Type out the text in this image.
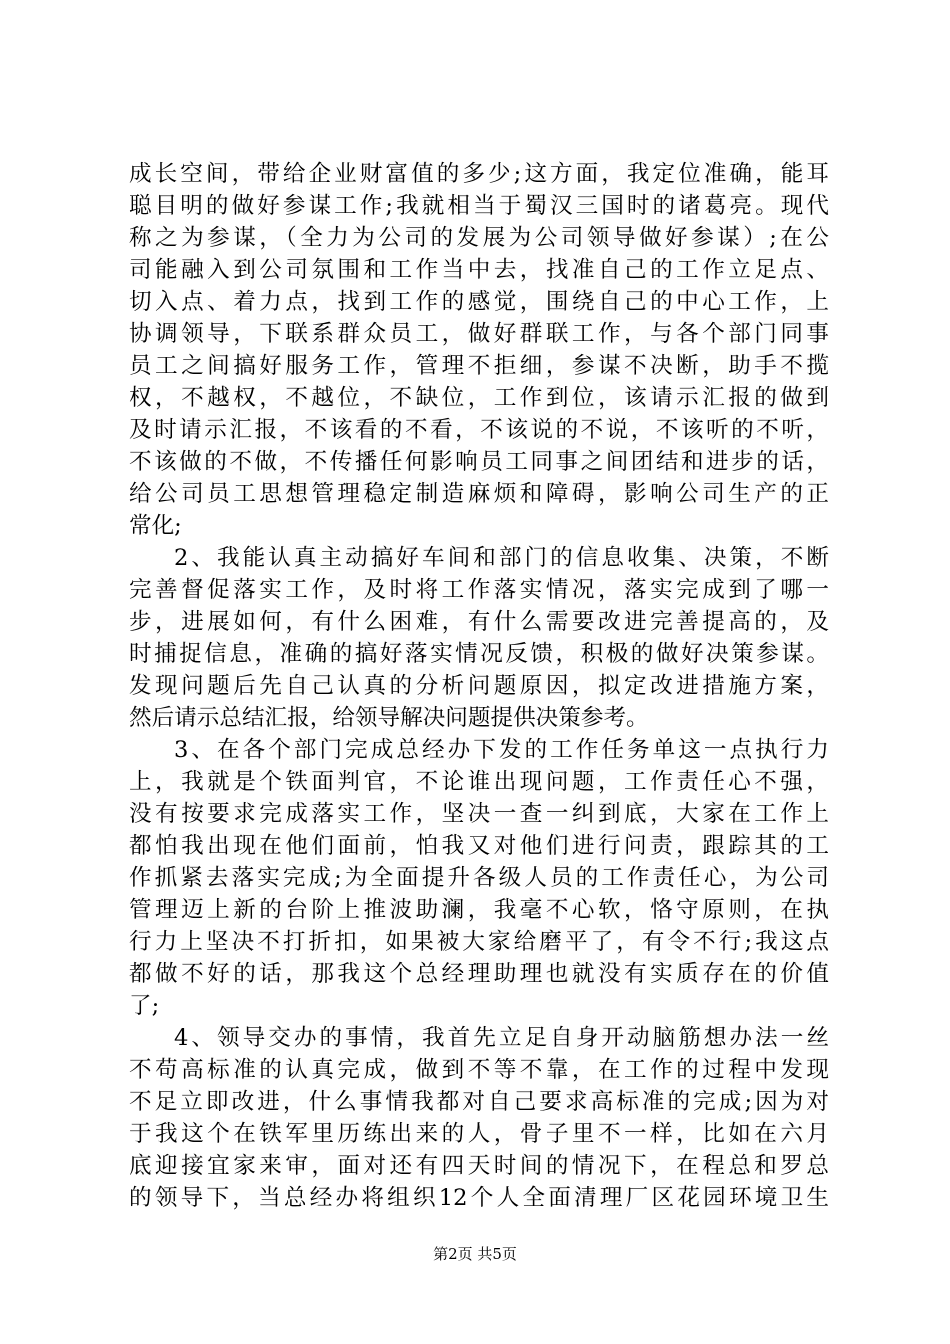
成长空间，带给企业财富值的多少;这方面，我定位准确，能耳
聪目明的做好参谋工作;我就相当于蜀汉三国时的诸葛亮。现代
称之为参谋，（全力为公司的发展为公司领导做好参谋）;在公
司能融入到公司氛围和工作当中去，找准自己的工作立足点、
切入点、着力点，找到工作的感觉，围绕自己的中心工作，上
协调领导，下联系群众员工，做好群联工作，与各个部门同事
员工之间搞好服务工作，管理不拒细，参谋不决断，助手不揽
权，不越权，不越位，不缺位，工作到位，该请示汇报的做到
及时请示汇报，不该看的不看，不该说的不说，不该听的不听，
不该做的不做，不传播任何影响员工同事之间团结和进步的话，
给公司员工思想管理稳定制造麻烦和障碍，影响公司生产的正
常化;
2、我能认真主动搞好车间和部门的信息收集、决策，不断
完善督促落实工作，及时将工作落实情况，落实完成到了哪一
步，进展如何，有什么困难，有什么需要改进完善提高的，及
时捕捉信息，准确的搞好落实情况反馈，积极的做好决策参谋。
发现问题后先自己认真的分析问题原因，拟定改进措施方案，
然后请示总结汇报，给领导解决问题提供决策参考。
3、在各个部门完成总经办下发的工作任务单这一点执行力
上，我就是个铁面判官，不论谁出现问题，工作责任心不强，
没有按要求完成落实工作，坚决一查一纠到底，大家在工作上
都怕我出现在他们面前，怕我又对他们进行问责，跟踪其的工
作抓紧去落实完成;为全面提升各级人员的工作责任心，为公司
管理迈上新的台阶上推波助澜，我毫不心软，恪守原则，在执
行力上坚决不打折扣，如果被大家给磨平了，有令不行;我这点
都做不好的话，那我这个总经理助理也就没有实质存在的价值
了;
4、领导交办的事情，我首先立足自身开动脑筋想办法一丝
不苟高标准的认真完成，做到不等不靠，在工作的过程中发现
不足立即改进，什么事情我都对自己要求高标准的完成;因为对
于我这个在铁军里历练出来的人，骨子里不一样，比如在六月
底迎接宜家来审，面对还有四天时间的情况下，在程总和罗总
的领导下，当总经办将组织12个人全面清理厂区花园环境卫生
第2页 共5页
